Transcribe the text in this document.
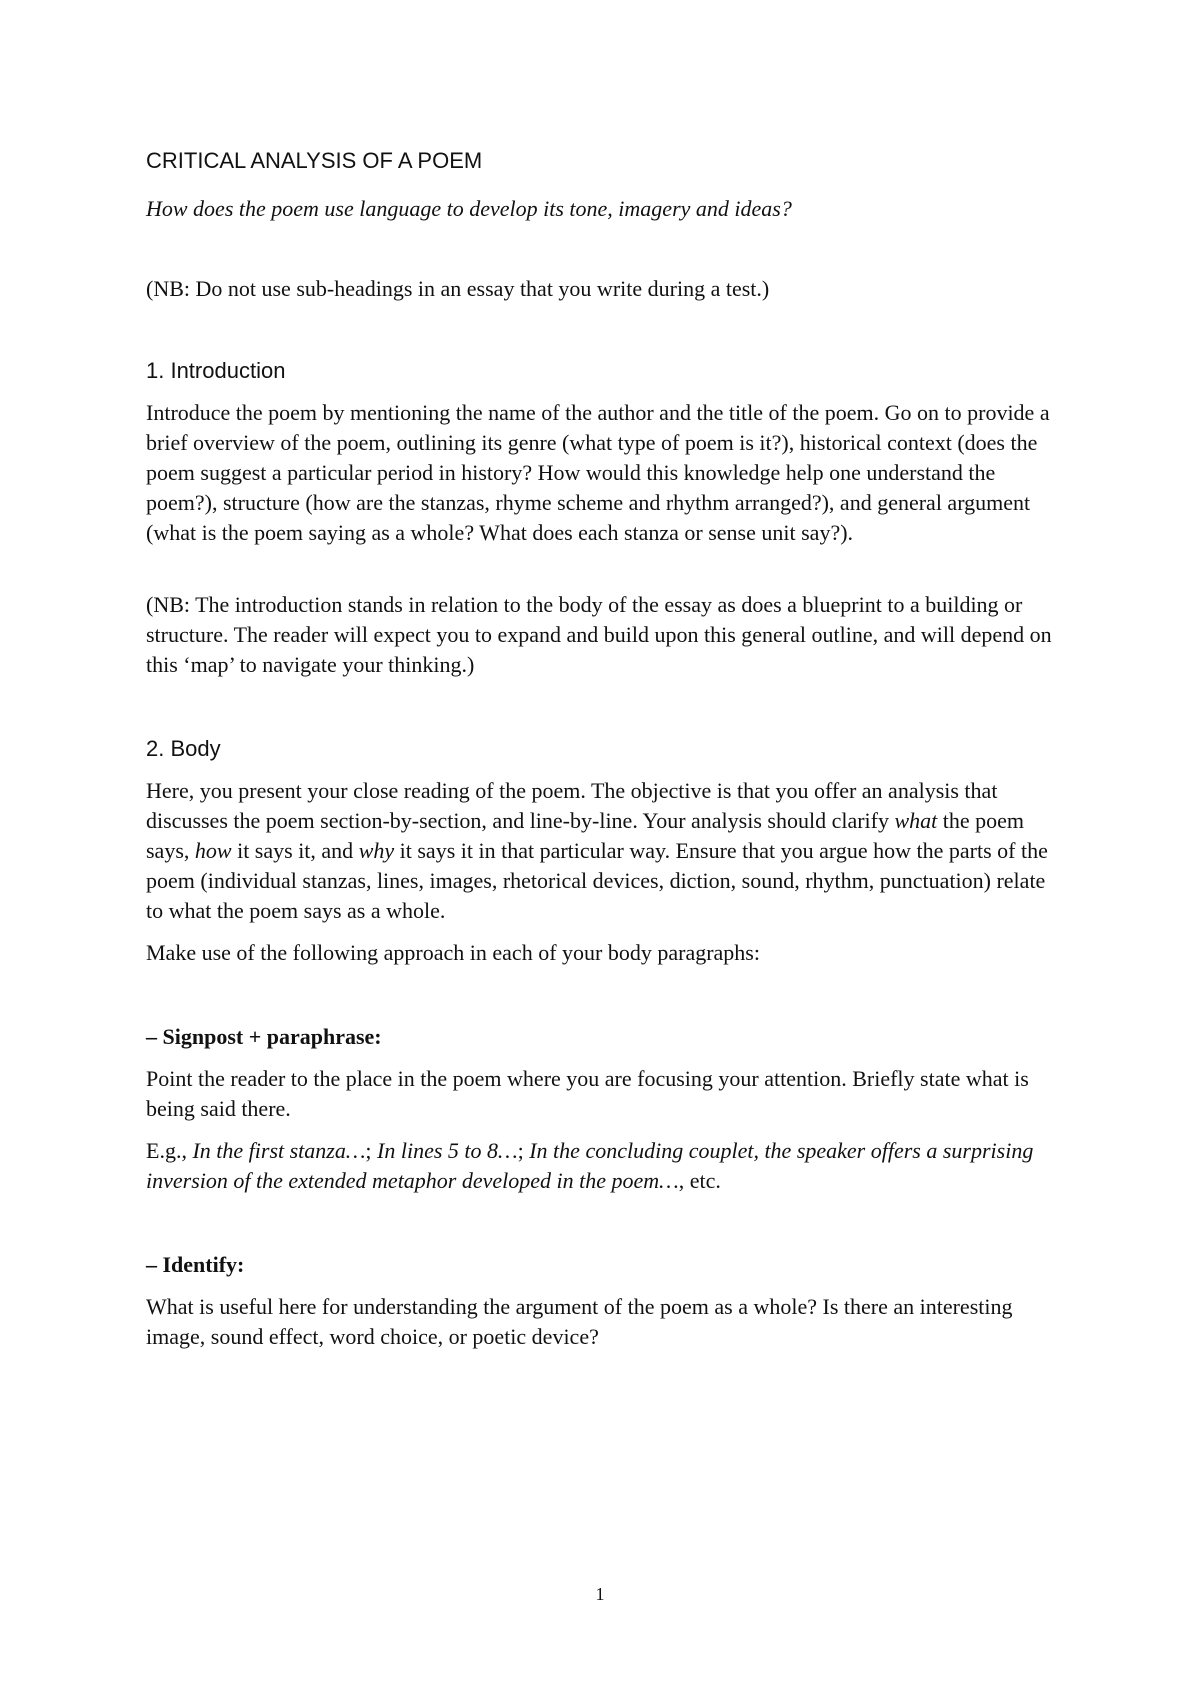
CRITICAL ANALYSIS OF A POEM
How does the poem use language to develop its tone, imagery and ideas?
(NB: Do not use sub-headings in an essay that you write during a test.)
1. Introduction

Introduce the poem by mentioning the name of the author and the title of the poem. Go on to provide a brief overview of the poem, outlining its genre (what type of poem is it?), historical context (does the poem suggest a particular period in history? How would this knowledge help one understand the poem?), structure (how are the stanzas, rhyme scheme and rhythm arranged?), and general argument (what is the poem saying as a whole? What does each stanza or sense unit say?).

(NB: The introduction stands in relation to the body of the essay as does a blueprint to a building or structure. The reader will expect you to expand and build upon this general outline, and will depend on this ‘map’ to navigate your thinking.)

2. Body

Here, you present your close reading of the poem. The objective is that you offer an analysis that discusses the poem section-by-section, and line-by-line. Your analysis should clarify what the poem says, how it says it, and why it says it in that particular way. Ensure that you argue how the parts of the poem (individual stanzas, lines, images, rhetorical devices, diction, sound, rhythm, punctuation) relate to what the poem says as a whole.

Make use of the following approach in each of your body paragraphs:

– Signpost + paraphrase:

Point the reader to the place in the poem where you are focusing your attention. Briefly state what is being said there.

E.g., In the first stanza…; In lines 5 to 8…; In the concluding couplet, the speaker offers a surprising inversion of the extended metaphor developed in the poem…, etc.

– Identify:

What is useful here for understanding the argument of the poem as a whole? Is there an interesting image, sound effect, word choice, or poetic device?

1
